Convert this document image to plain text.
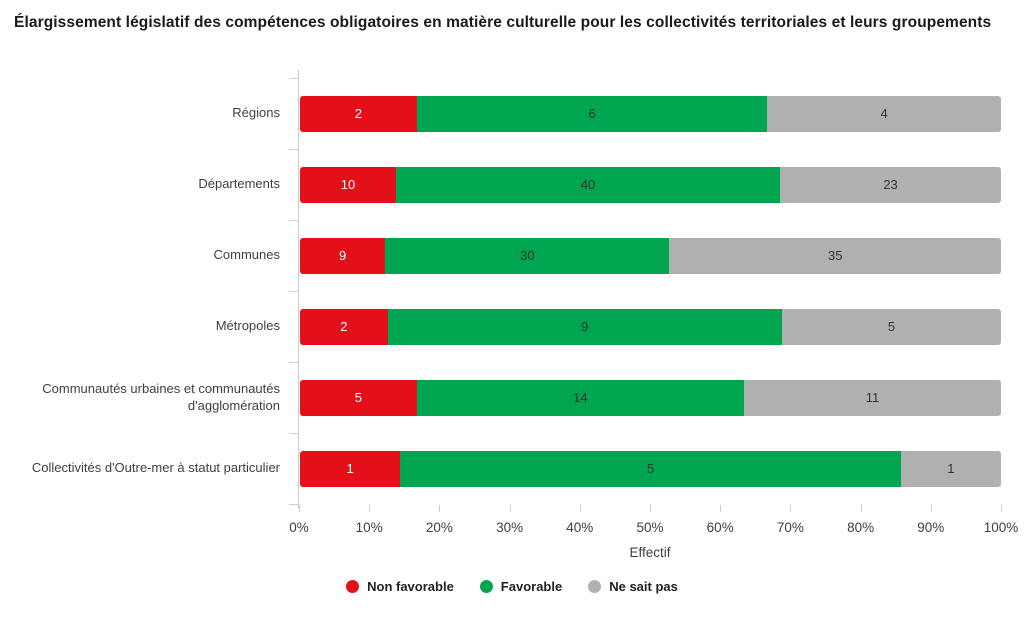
Élargissement législatif des compétences obligatoires en matière culturelle pour les collectivités territoriales et leurs groupements
Régions	2	6	4
Départements	10	40	23
Communes	9	30	35
Métropoles	2	9	5
Communautés urbaines et communautés d'agglomération	5	14	11
Collectivités d'Outre-mer à statut particulier	1	5	1
0%	10%	20%	30%	40%	50%	60%	70%	80%	90%	100%
Effectif
Non favorable	Favorable	Ne sait pas
